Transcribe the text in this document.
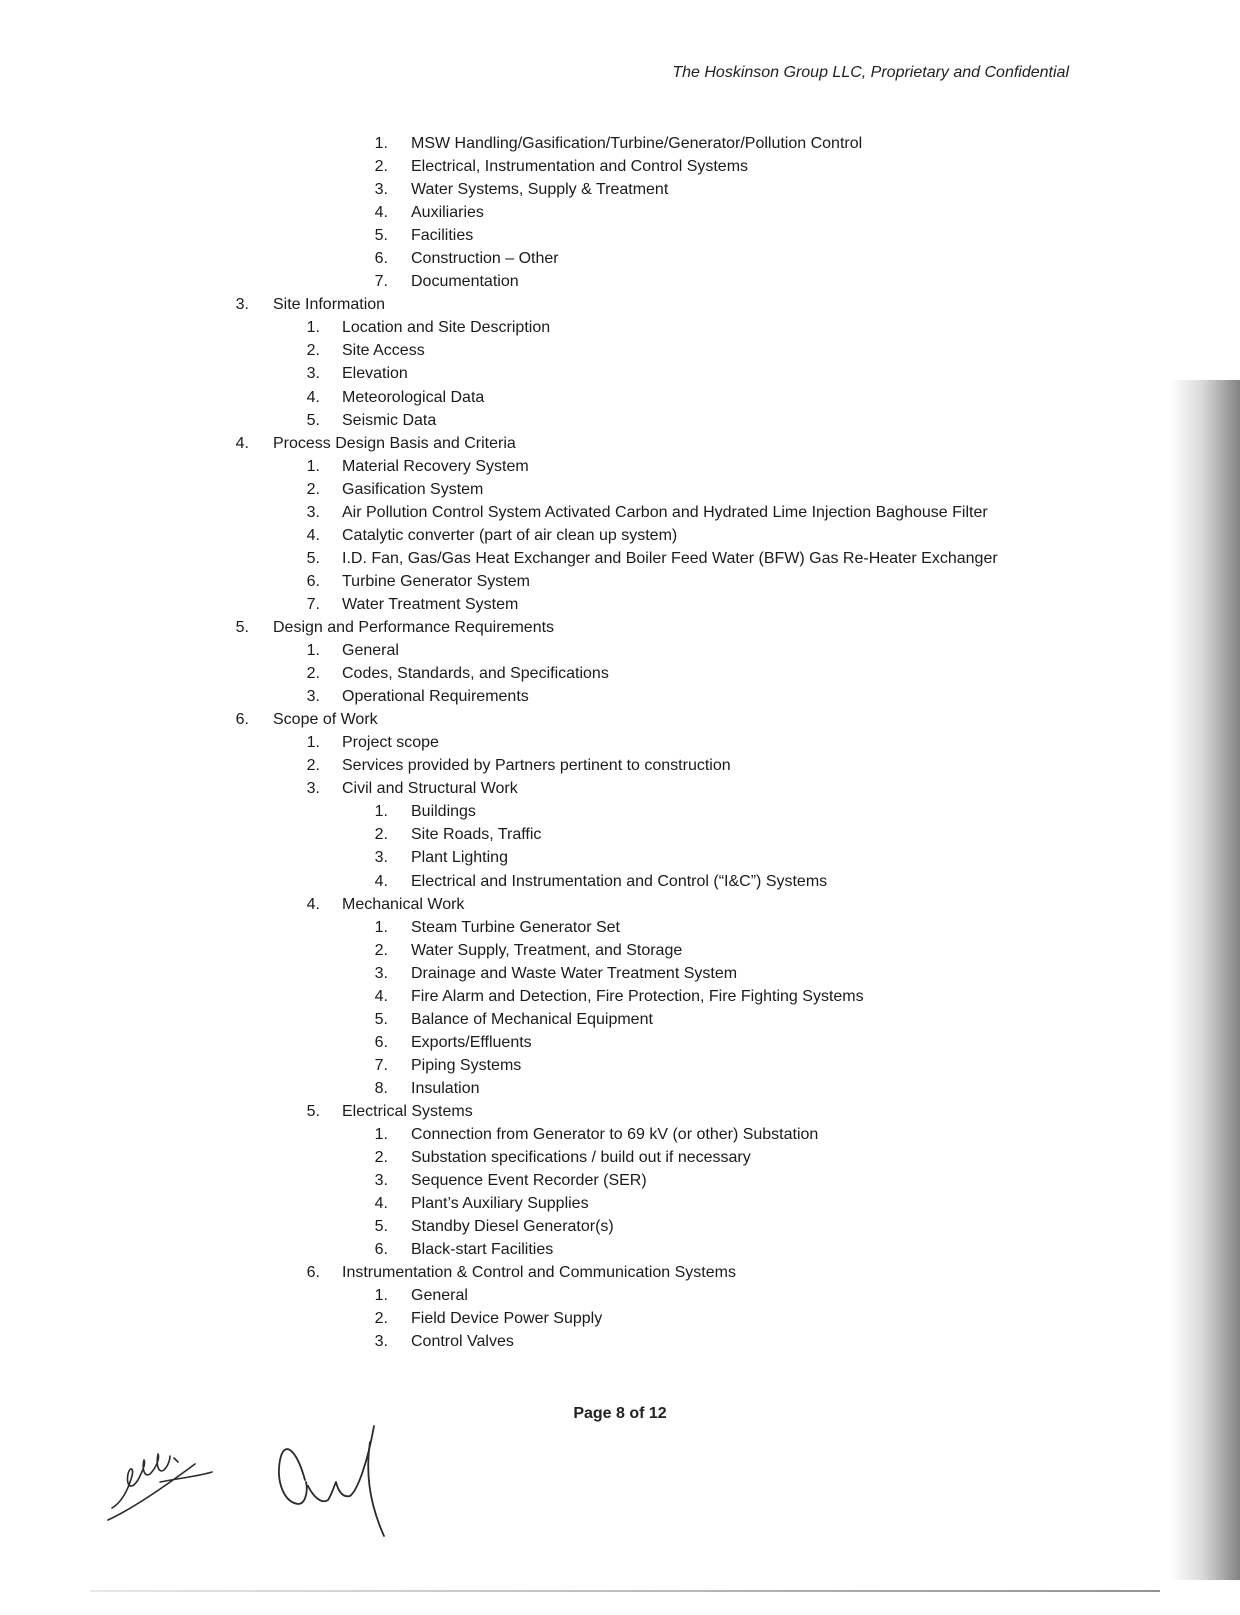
The Hoskinson Group LLC, Proprietary and Confidential
1. MSW Handling/Gasification/Turbine/Generator/Pollution Control
2. Electrical, Instrumentation and Control Systems
3. Water Systems, Supply & Treatment
4. Auxiliaries
5. Facilities
6. Construction – Other
7. Documentation
3. Site Information
1. Location and Site Description
2. Site Access
3. Elevation
4. Meteorological Data
5. Seismic Data
4. Process Design Basis and Criteria
1. Material Recovery System
2. Gasification System
3. Air Pollution Control System Activated Carbon and Hydrated Lime Injection Baghouse Filter
4. Catalytic converter (part of air clean up system)
5. I.D. Fan, Gas/Gas Heat Exchanger and Boiler Feed Water (BFW) Gas Re-Heater Exchanger
6. Turbine Generator System
7. Water Treatment System
5. Design and Performance Requirements
1. General
2. Codes, Standards, and Specifications
3. Operational Requirements
6. Scope of Work
1. Project scope
2. Services provided by Partners pertinent to construction
3. Civil and Structural Work
1. Buildings
2. Site Roads, Traffic
3. Plant Lighting
4. Electrical and Instrumentation and Control (“I&C”) Systems
4. Mechanical Work
1. Steam Turbine Generator Set
2. Water Supply, Treatment, and Storage
3. Drainage and Waste Water Treatment System
4. Fire Alarm and Detection, Fire Protection, Fire Fighting Systems
5. Balance of Mechanical Equipment
6. Exports/Effluents
7. Piping Systems
8. Insulation
5. Electrical Systems
1. Connection from Generator to 69 kV (or other) Substation
2. Substation specifications / build out if necessary
3. Sequence Event Recorder (SER)
4. Plant’s Auxiliary Supplies
5. Standby Diesel Generator(s)
6. Black-start Facilities
6. Instrumentation & Control and Communication Systems
1. General
2. Field Device Power Supply
3. Control Valves
Page 8 of 12
